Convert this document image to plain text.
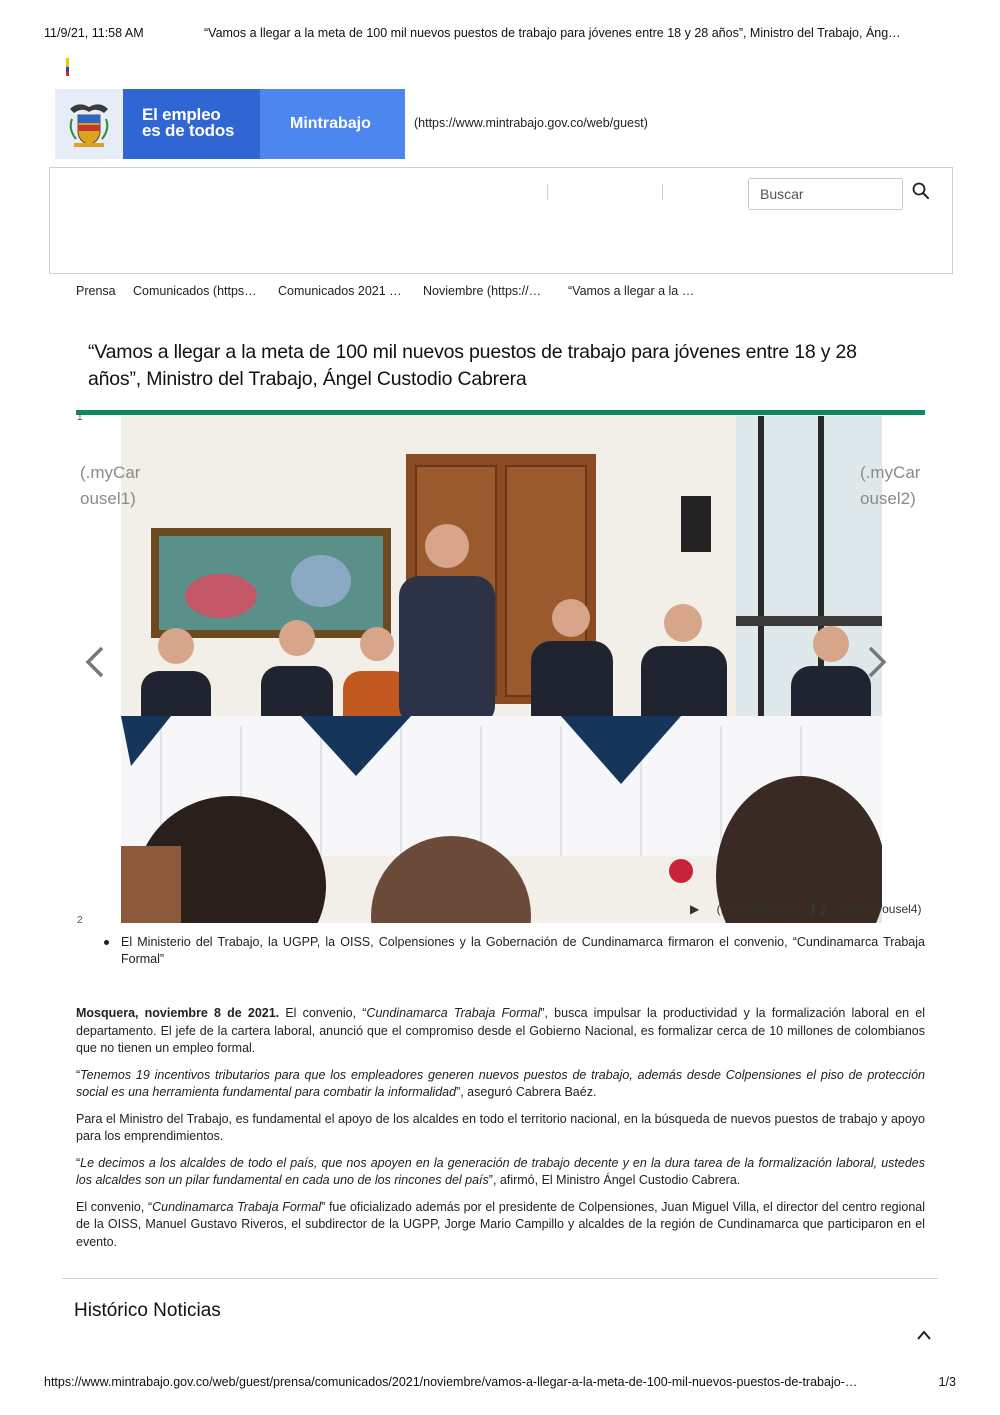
11/9/21, 11:58 AM	“Vamos a llegar a la meta de 100 mil nuevos puestos de trabajo para jóvenes entre 18 y 28 años”, Ministro del Trabajo, Áng…
El empleo
es de todos	Mintrabajo	(https://www.mintrabajo.gov.co/web/guest)
Buscar
Prensa Comunicados (https… Comunicados 2021 … Noviembre (https://… “Vamos a llegar a la …
“Vamos a llegar a la meta de 100 mil nuevos puestos de trabajo para jóvenes entre 18 y 28 años”, Ministro del Trabajo, Ángel Custodio Cabrera
1
(.myCar
ousel1)
(.myCar
ousel2)
▶ (.myCarousel3) ❚❚ (.myCarousel4)
2

El Ministerio del Trabajo, la UGPP, la OISS, Colpensiones y la Gobernación de Cundinamarca firmaron el convenio, “Cundinamarca Trabaja Formal”

Mosquera, noviembre 8 de 2021. El convenio, “Cundinamarca Trabaja Formal”, busca impulsar la productividad y la formalización laboral en el departamento. El jefe de la cartera laboral, anunció que el compromiso desde el Gobierno Nacional, es formalizar cerca de 10 millones de colombianos que no tienen un empleo formal.

“Tenemos 19 incentivos tributarios para que los empleadores generen nuevos puestos de trabajo, además desde Colpensiones el piso de protección social es una herramienta fundamental para combatir la informalidad”, aseguró Cabrera Baéz.

Para el Ministro del Trabajo, es fundamental el apoyo de los alcaldes en todo el territorio nacional, en la búsqueda de nuevos puestos de trabajo y apoyo para los emprendimientos.

“Le decimos a los alcaldes de todo el país, que nos apoyen en la generación de trabajo decente y en la dura tarea de la formalización laboral, ustedes los alcaldes son un pilar fundamental en cada uno de los rincones del país”, afirmó, El Ministro Ángel Custodio Cabrera.

El convenio, “Cundinamarca Trabaja Formal” fue oficializado además por el presidente de Colpensiones, Juan Miguel Villa, el director del centro regional de la OISS, Manuel Gustavo Riveros, el subdirector de la UGPP, Jorge Mario Campillo y alcaldes de la región de Cundinamarca que participaron en el evento.

Histórico Noticias
https://www.mintrabajo.gov.co/web/guest/prensa/comunicados/2021/noviembre/vamos-a-llegar-a-la-meta-de-100-mil-nuevos-puestos-de-trabajo-…	1/3
